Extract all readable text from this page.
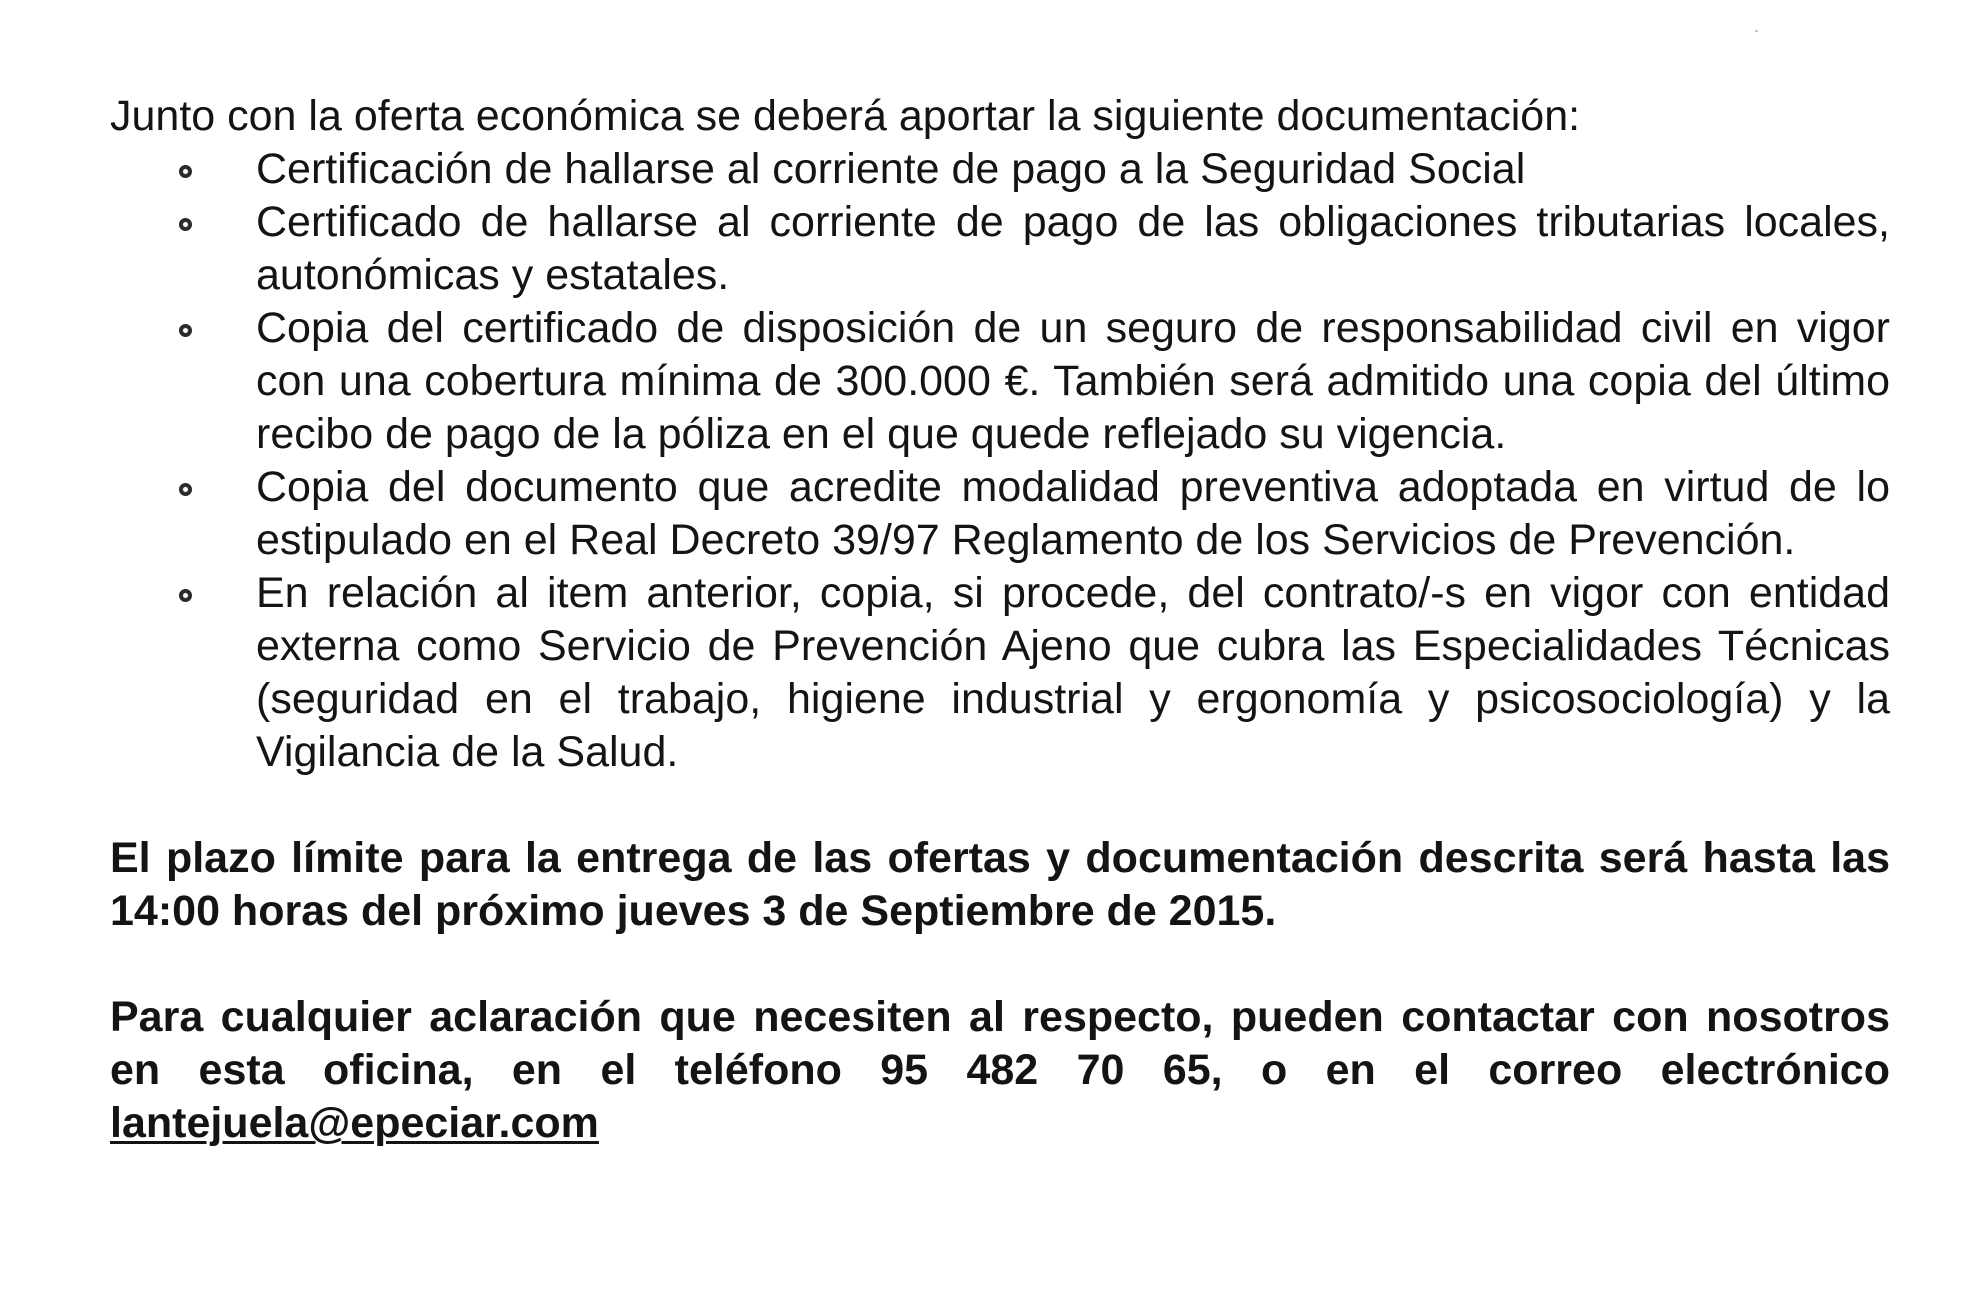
Junto con la oferta económica se deberá aportar la siguiente documentación:

Certificación de hallarse al corriente de pago a la Seguridad Social
Certificado de hallarse al corriente de pago de las obligaciones tributarias locales, autonómicas y estatales.
Copia del certificado de disposición de un seguro de responsabilidad civil en vigor con una cobertura mínima de 300.000 €. También será admitido una copia del último recibo de pago de la póliza en el que quede reflejado su vigencia.
Copia del documento que acredite modalidad preventiva adoptada en virtud de lo estipulado en el Real Decreto 39/97 Reglamento de los Servicios de Prevención.
En relación al item anterior, copia, si procede, del contrato/-s en vigor con entidad externa como Servicio de Prevención Ajeno que cubra las Especialidades Técnicas (seguridad en el trabajo, higiene industrial y ergonomía y psicosociología) y la Vigilancia de la Salud.

El plazo límite para la entrega de las ofertas y documentación descrita será hasta las 14:00 horas del próximo jueves 3 de Septiembre de 2015.

Para cualquier aclaración que necesiten al respecto, pueden contactar con nosotros en esta oficina, en el teléfono 95 482 70 65, o en el correo electrónico lantejuela@epeciar.com
